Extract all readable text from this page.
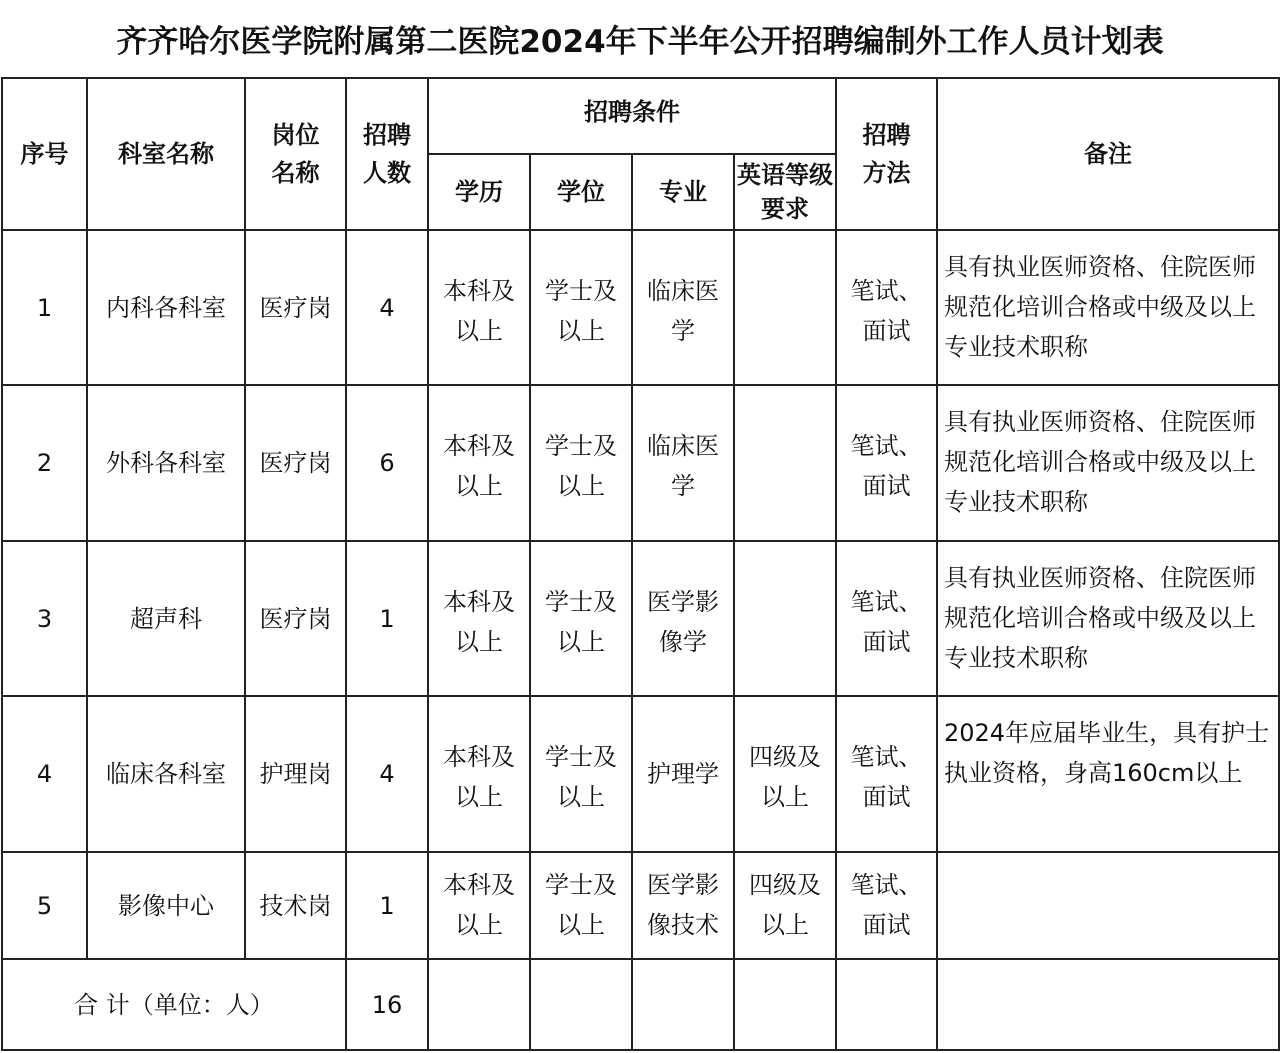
齐齐哈尔医学院附属第二医院2024年下半年公开招聘编制外工作人员计划表
序号	科室名称	岗位名称	招聘人数	招聘条件				招聘方法	备注
				学历	学位	专业	英语等级要求		
1	内科各科室	医疗岗	4	本科及以上	学士及以上	临床医学		笔试、面试	具有执业医师资格、住院医师规范化培训合格或中级及以上专业技术职称
2	外科各科室	医疗岗	6	本科及以上	学士及以上	临床医学		笔试、面试	具有执业医师资格、住院医师规范化培训合格或中级及以上专业技术职称
3	超声科	医疗岗	1	本科及以上	学士及以上	医学影像学		笔试、面试	具有执业医师资格、住院医师规范化培训合格或中级及以上专业技术职称
4	临床各科室	护理岗	4	本科及以上	学士及以上	护理学	四级及以上	笔试、面试	2024年应届毕业生，具有护士执业资格，身高160cm以上
5	影像中心	技术岗	1	本科及以上	学士及以上	医学影像技术	四级及以上	笔试、面试	
合 计（单位：人）			16						
